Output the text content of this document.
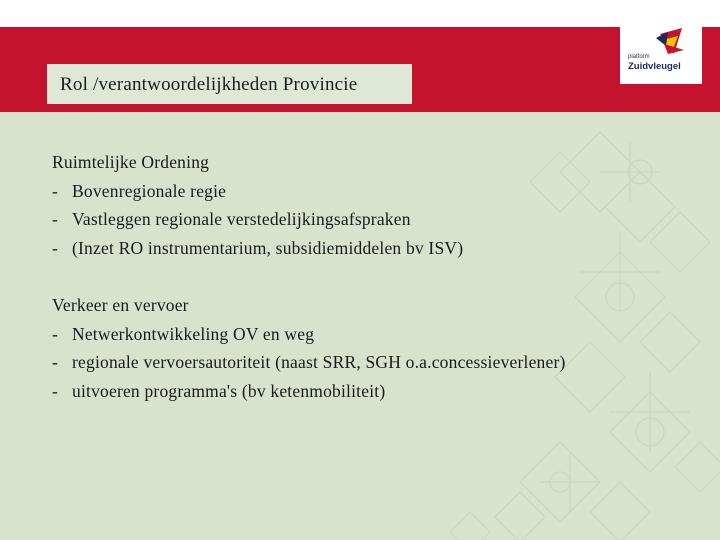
Rol /verantwoordelijkheden Provincie
platform
Zuidvleugel
Ruimtelijke Ordening
- Bovenregionale regie
- Vastleggen regionale verstedelijkingsafspraken
- (Inzet RO instrumentarium, subsidiemiddelen bv ISV)
Verkeer en vervoer
- Netwerkontwikkeling OV en weg
- regionale vervoersautoriteit (naast SRR, SGH o.a.concessieverlener)
- uitvoeren programma's (bv ketenmobiliteit)
